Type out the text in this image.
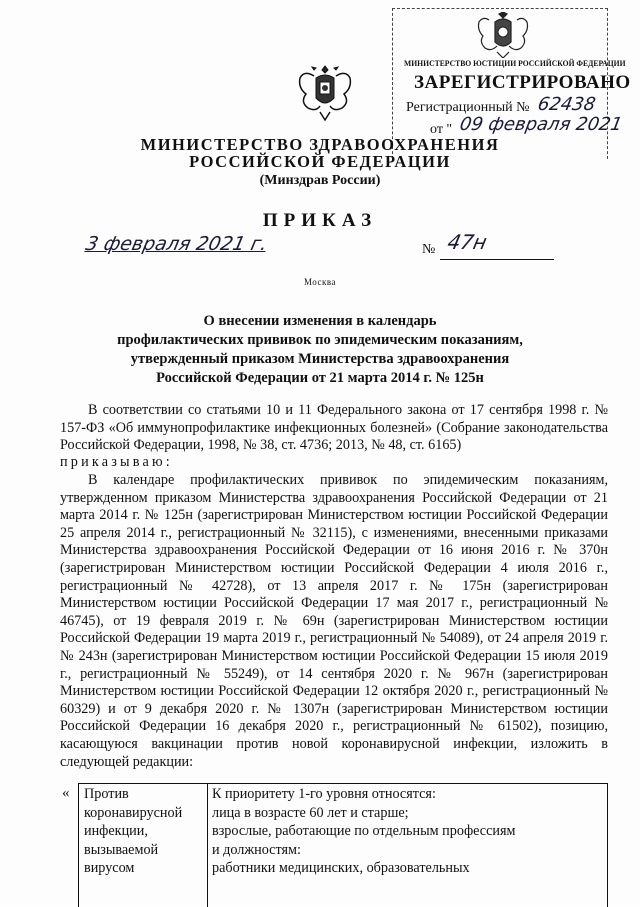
МИНИСТЕРСТВО ЮСТИЦИИ РОССИЙСКОЙ ФЕДЕРАЦИИ
ЗАРЕГИСТРИРОВАНО
Регистрационный № 62438
от " 09 февраля 2021
МИНИСТЕРСТВО ЗДРАВООХРАНЕНИЯ
РОССИЙСКОЙ ФЕДЕРАЦИИ
(Минздрав России)
ПРИКАЗ
3 февраля 2021 г.	№ 47н
Москва
О внесении изменения в календарь
профилактических прививок по эпидемическим показаниям,
утвержденный приказом Министерства здравоохранения
Российской Федерации от 21 марта 2014 г. № 125н
В соответствии со статьями 10 и 11 Федерального закона от 17 сентября 1998 г. № 157-ФЗ «Об иммунопрофилактике инфекционных болезней» (Собрание законодательства Российской Федерации, 1998, № 38, ст. 4736; 2013, № 48, ст. 6165)
приказываю:
В календаре профилактических прививок по эпидемическим показаниям, утвержденном приказом Министерства здравоохранения Российской Федерации от 21 марта 2014 г. № 125н (зарегистрирован Министерством юстиции Российской Федерации 25 апреля 2014 г., регистрационный № 32115), с изменениями, внесенными приказами Министерства здравоохранения Российской Федерации от 16 июня 2016 г. № 370н (зарегистрирован Министерством юстиции Российской Федерации 4 июля 2016 г., регистрационный № 42728), от 13 апреля 2017 г. № 175н (зарегистрирован Министерством юстиции Российской Федерации 17 мая 2017 г., регистрационный № 46745), от 19 февраля 2019 г. № 69н (зарегистрирован Министерством юстиции Российской Федерации 19 марта 2019 г., регистрационный № 54089), от 24 апреля 2019 г. № 243н (зарегистрирован Министерством юстиции Российской Федерации 15 июля 2019 г., регистрационный № 55249), от 14 сентября 2020 г. № 967н (зарегистрирован Министерством юстиции Российской Федерации 12 октября 2020 г., регистрационный № 60329) и от 9 декабря 2020 г. № 1307н (зарегистрирован Министерством юстиции Российской Федерации 16 декабря 2020 г., регистрационный № 61502), позицию, касающуюся вакцинации против новой коронавирусной инфекции, изложить в следующей редакции:
« Против
коронавирусной
инфекции,
вызываемой
вирусом
К приоритету 1-го уровня относятся:
лица в возрасте 60 лет и старше;
взрослые, работающие по отдельным профессиям
и должностям:
работники медицинских, образовательных
